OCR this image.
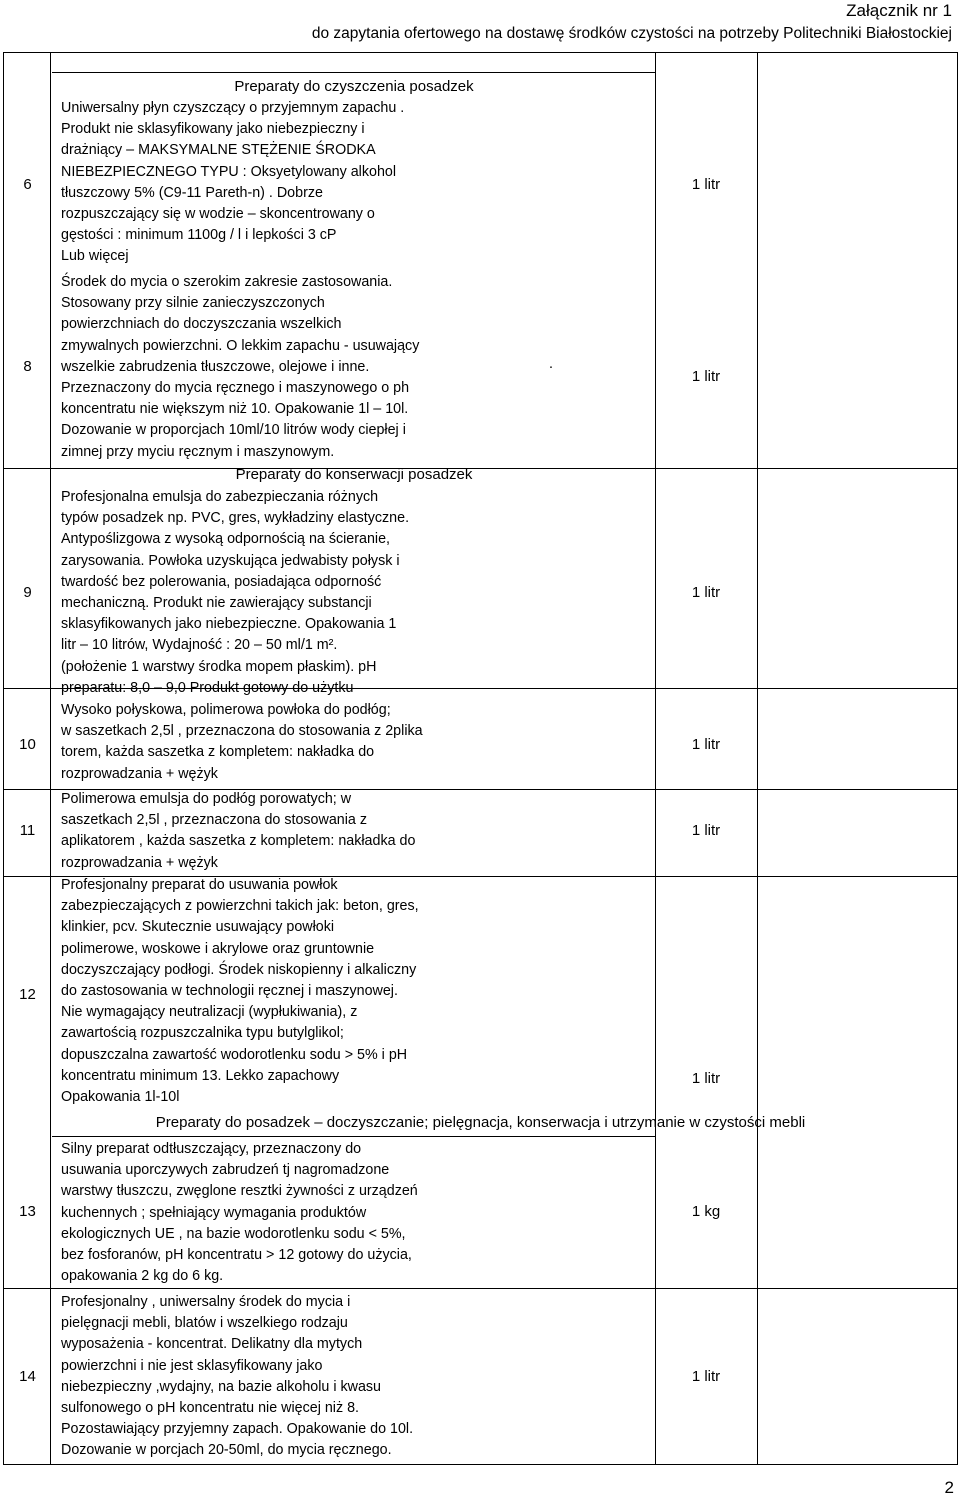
Załącznik nr 1
do zapytania ofertowego na dostawę środków czystości na potrzeby Politechniki Białostockiej
Preparaty do czyszczenia posadzek
Preparaty do konserwacji posadzek
Preparaty do posadzek – doczyszczanie; pielęgnacja, konserwacja i utrzymanie w czystości mebli
6
Uniwersalny płyn czyszczący o przyjemnym zapachu .
Produkt nie sklasyfikowany jako niebezpieczny i
drażniący – MAKSYMALNE STĘŻENIE ŚRODKA
NIEBEZPIECZNEGO TYPU : Oksyetylowany alkohol
tłuszczowy 5% (C9-11 Pareth-n) . Dobrze
rozpuszczający się w wodzie – skoncentrowany o
gęstości : minimum 1100g / l i lepkości 3 cP
Lub więcej
1 litr
8
Środek do mycia o szerokim zakresie zastosowania.
Stosowany przy silnie zanieczyszczonych
powierzchniach do doczyszczania wszelkich
zmywalnych powierzchni. O lekkim zapachu - usuwający
wszelkie zabrudzenia tłuszczowe, olejowe i inne.
Przeznaczony do mycia ręcznego i maszynowego o ph
koncentratu nie większym niż 10. Opakowanie 1l – 10l.
Dozowanie w proporcjach 10ml/10 litrów wody ciepłej i
zimnej przy myciu ręcznym i maszynowym.
.
1 litr
9
Profesjonalna emulsja do zabezpieczania różnych
typów posadzek np. PVC, gres, wykładziny elastyczne.
Antypoślizgowa z wysoką odpornością na ścieranie,
zarysowania. Powłoka uzyskująca jedwabisty połysk i
twardość bez polerowania, posiadająca odporność
mechaniczną. Produkt nie zawierający substancji
sklasyfikowanych jako niebezpieczne. Opakowania 1
litr – 10 litrów, Wydajność : 20 – 50 ml/1 m².
(położenie 1 warstwy środka mopem płaskim). pH
preparatu: 8,0 – 9,0 Produkt gotowy do użytku
1 litr
10
Wysoko połyskowa, polimerowa powłoka do podłóg;
w saszetkach 2,5l , przeznaczona do stosowania z 2plika
torem, każda saszetka z kompletem: nakładka do
rozprowadzania + wężyk
1 litr
11
Polimerowa emulsja do podłóg porowatych; w
saszetkach 2,5l , przeznaczona do stosowania z
aplikatorem , każda saszetka z kompletem: nakładka do
rozprowadzania + wężyk
1 litr
12
Profesjonalny preparat do usuwania powłok
zabezpieczających z powierzchni takich jak: beton, gres,
klinkier, pcv. Skutecznie usuwający powłoki
polimerowe, woskowe i akrylowe oraz gruntownie
doczyszczający podłogi. Środek niskopienny i alkaliczny
do zastosowania w technologii ręcznej i maszynowej.
Nie wymagający neutralizacji (wypłukiwania), z
zawartością rozpuszczalnika typu butylglikol;
dopuszczalna zawartość wodorotlenku sodu > 5% i pH
koncentratu minimum 13. Lekko zapachowy
Opakowania 1l-10l
1 litr
13
Silny preparat odtłuszczający, przeznaczony do
usuwania uporczywych zabrudzeń tj nagromadzone
warstwy tłuszczu, zwęglone resztki żywności z urządzeń
kuchennych ; spełniający wymagania produktów
ekologicznych UE , na bazie wodorotlenku sodu < 5%,
bez fosforanów, pH koncentratu > 12 gotowy do użycia,
opakowania 2 kg do 6 kg.
1 kg
14
Profesjonalny , uniwersalny środek do mycia i
pielęgnacji mebli, blatów i wszelkiego rodzaju
wyposażenia - koncentrat. Delikatny dla mytych
powierzchni i nie jest sklasyfikowany jako
niebezpieczny ,wydajny, na bazie alkoholu i kwasu
sulfonowego o pH koncentratu nie więcej niż 8.
Pozostawiający przyjemny zapach. Opakowanie do 10l.
Dozowanie w porcjach 20-50ml, do mycia ręcznego.
1 litr
2
